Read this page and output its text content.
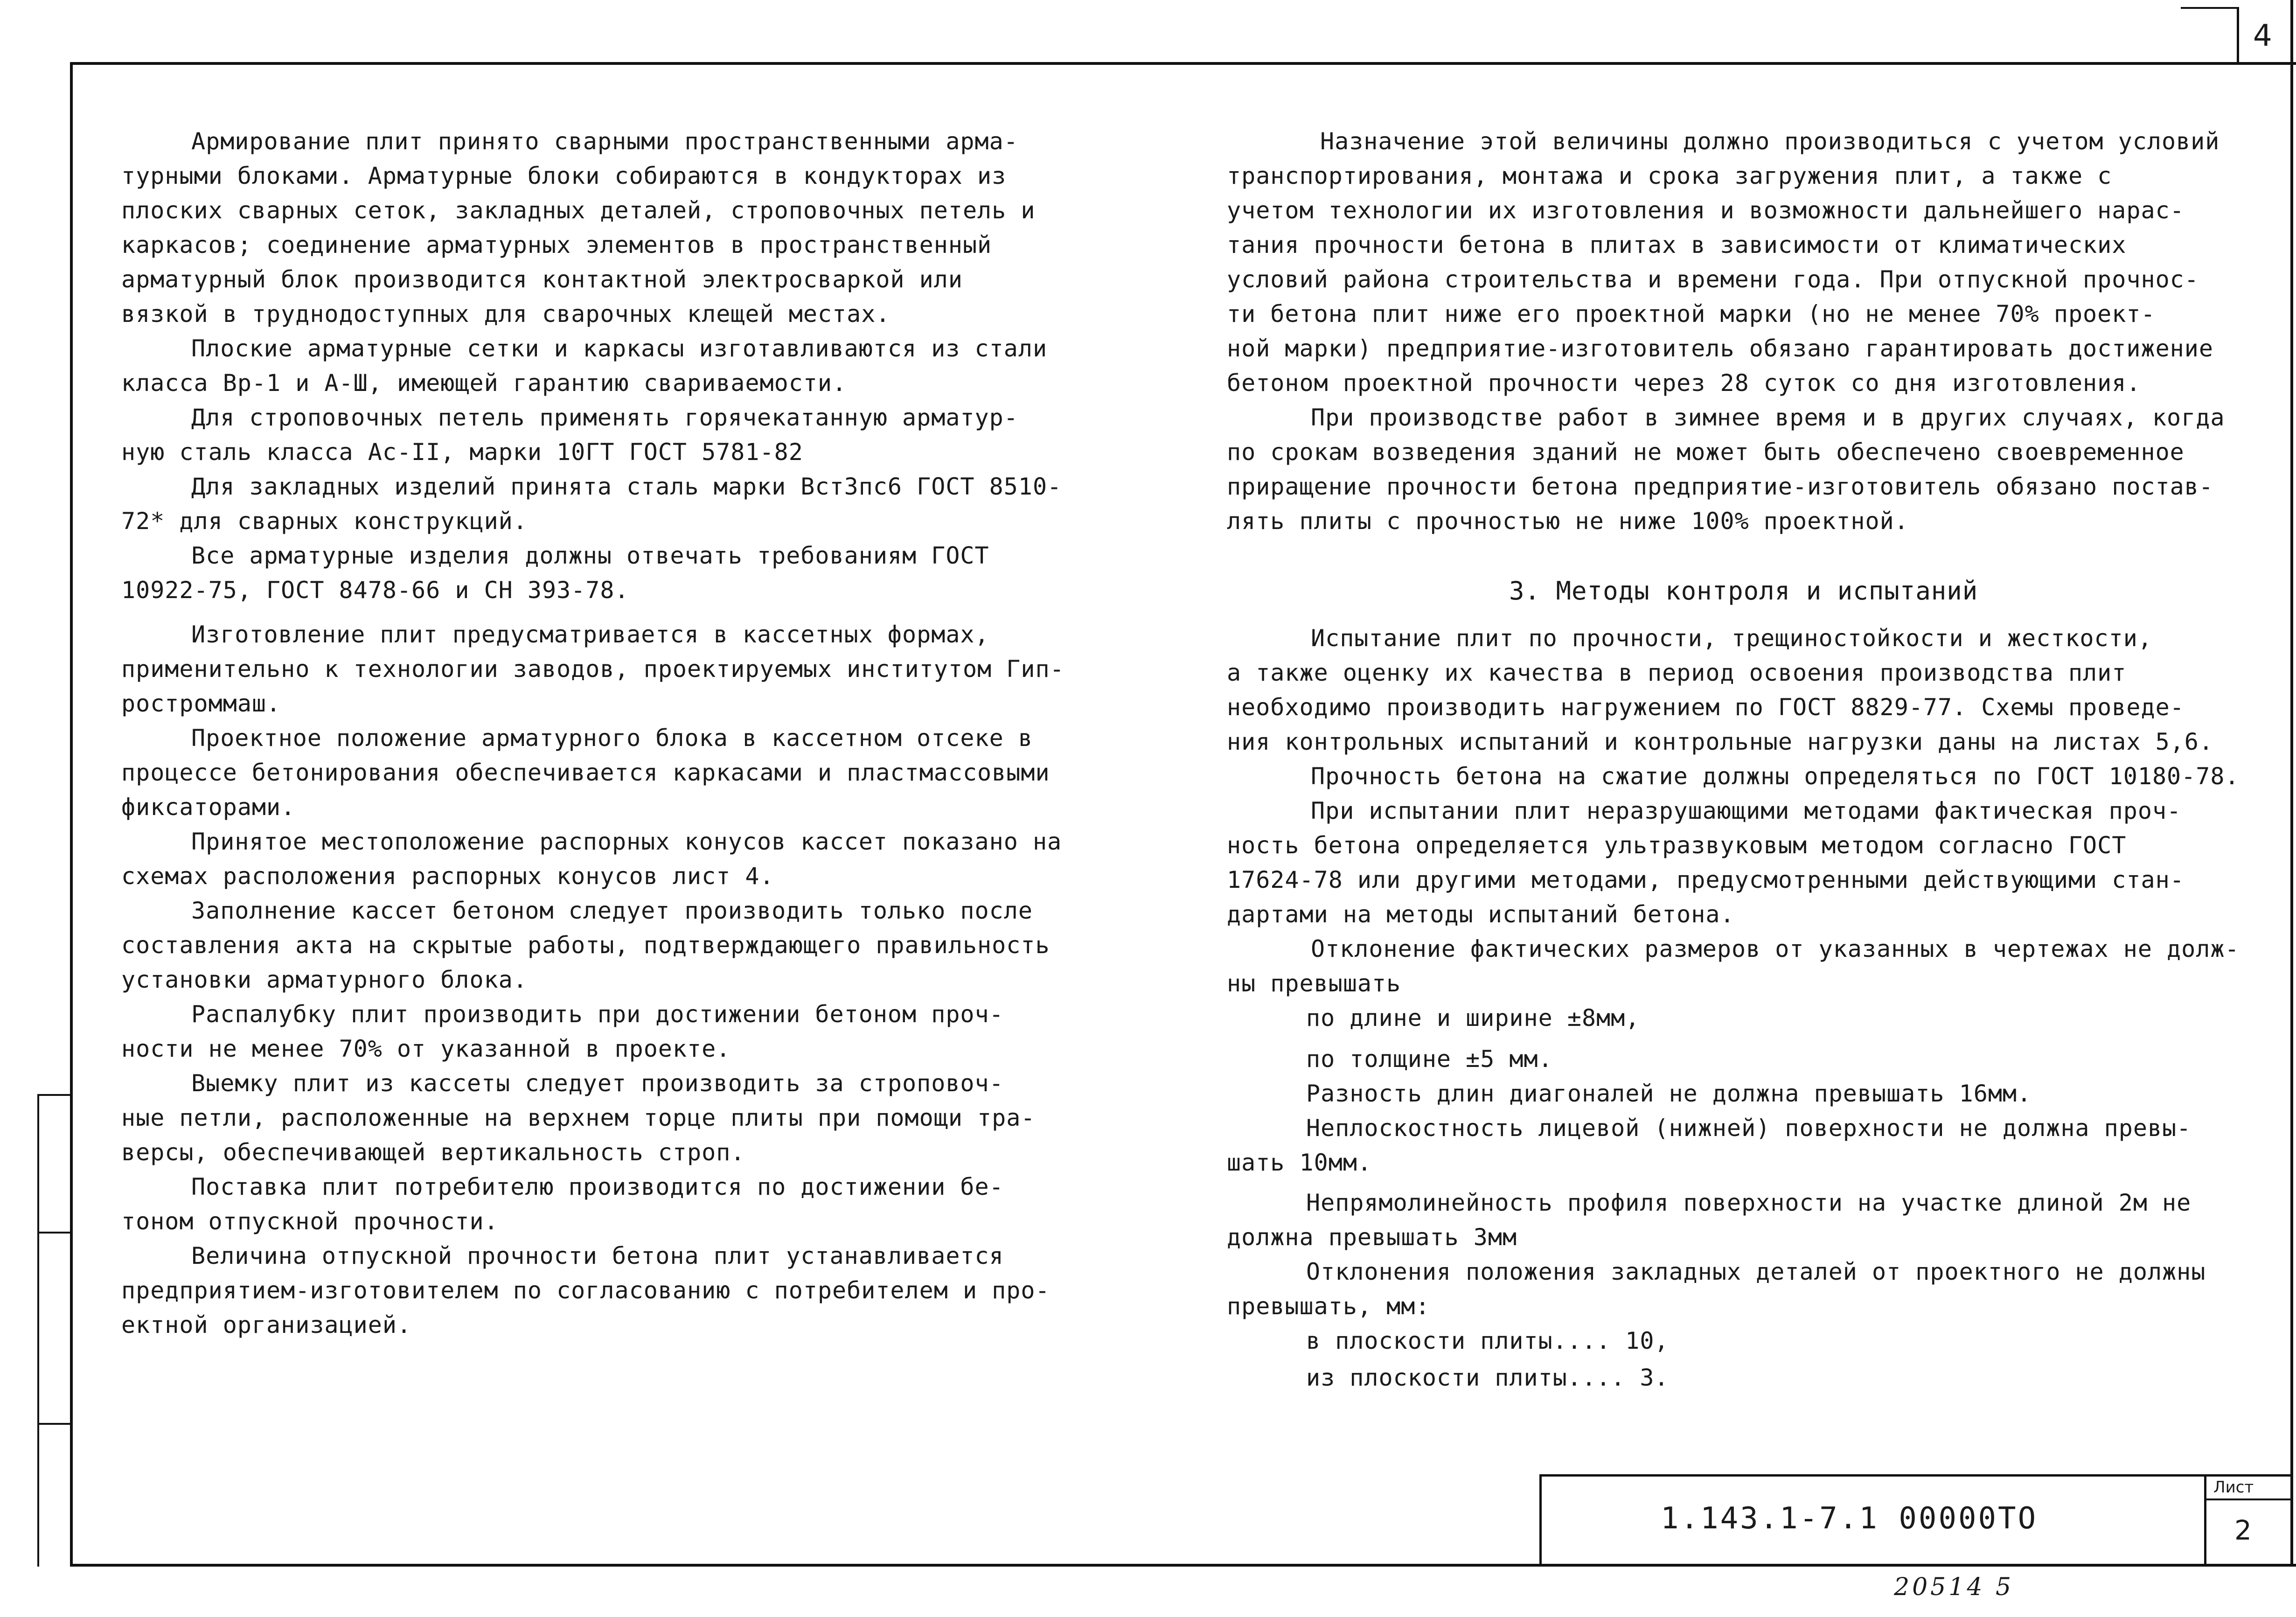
4
Армирование плит принято сварными пространственными арма-
турными блоками. Арматурные блоки собираются в кондукторах из
плоских сварных сеток, закладных деталей, строповочных петель и
каркасов; соединение арматурных элементов в пространственный
арматурный блок производится контактной электросваркой или
вязкой в труднодоступных для сварочных клещей местах.
Плоские арматурные сетки и каркасы изготавливаются из стали
класса Вр-1 и А-Ш, имеющей гарантию свариваемости.
Для строповочных петель применять горячекатанную арматур-
ную сталь класса Ас-II, марки 10ГТ ГОСТ 5781-82
Для закладных изделий принята сталь марки Вст3пс6 ГОСТ 8510-
72* для сварных конструкций.
Все арматурные изделия должны отвечать требованиям ГОСТ
10922-75, ГОСТ 8478-66 и СН 393-78.
Изготовление плит предусматривается в кассетных формах,
применительно к технологии заводов, проектируемых институтом Гип-
ростроммаш.
Проектное положение арматурного блока в кассетном отсеке в
процессе бетонирования обеспечивается каркасами и пластмассовыми
фиксаторами.
Принятое местоположение распорных конусов кассет показано на
схемах расположения распорных конусов лист 4.
Заполнение кассет бетоном следует производить только после
составления акта на скрытые работы, подтверждающего правильность
установки арматурного блока.
Распалубку плит производить при достижении бетоном проч-
ности не менее 70% от указанной в проекте.
Выемку плит из кассеты следует производить за строповоч-
ные петли, расположенные на верхнем торце плиты при помощи тра-
версы, обеспечивающей вертикальность строп.
Поставка плит потребителю производится по достижении бе-
тоном отпускной прочности.
Величина отпускной прочности бетона плит устанавливается
предприятием-изготовителем по согласованию с потребителем и про-
ектной организацией.
Назначение этой величины должно производиться с учетом условий
транспортирования, монтажа и срока загружения плит, а также с
учетом технологии их изготовления и возможности дальнейшего нарас-
тания прочности бетона в плитах в зависимости от климатических
условий района строительства и времени года. При отпускной прочнос-
ти бетона плит ниже его проектной марки (но не менее 70% проект-
ной марки) предприятие-изготовитель обязано гарантировать достижение
бетоном проектной прочности через 28 суток со дня изготовления.
При производстве работ в зимнее время и в других случаях, когда
по срокам возведения зданий не может быть обеспечено своевременное
приращение прочности бетона предприятие-изготовитель обязано постав-
лять плиты с прочностью не ниже 100% проектной.
3. Методы контроля и испытаний
Испытание плит по прочности, трещиностойкости и жесткости,
а также оценку их качества в период освоения производства плит
необходимо производить нагружением по ГОСТ 8829-77. Схемы проведе-
ния контрольных испытаний и контрольные нагрузки даны на листах 5,6.
Прочность бетона на сжатие должны определяться по ГОСТ 10180-78.
При испытании плит неразрушающими методами фактическая проч-
ность бетона определяется ультразвуковым методом согласно ГОСТ
17624-78 или другими методами, предусмотренными действующими стан-
дартами на методы испытаний бетона.
Отклонение фактических размеров от указанных в чертежах не долж-
ны превышать
по длине и ширине ±8мм,
по толщине ±5 мм.
Разность длин диагоналей не должна превышать 16мм.
Неплоскостность лицевой (нижней) поверхности не должна превы-
шать 10мм.
Непрямолинейность профиля поверхности на участке длиной 2м не
должна превышать 3мм
Отклонения положения закладных деталей от проектного не должны
превышать, мм:
в плоскости плиты.... 10,
из плоскости плиты.... 3.
1.143.1-7.1 00000ТО
Лист
2
20514 5
